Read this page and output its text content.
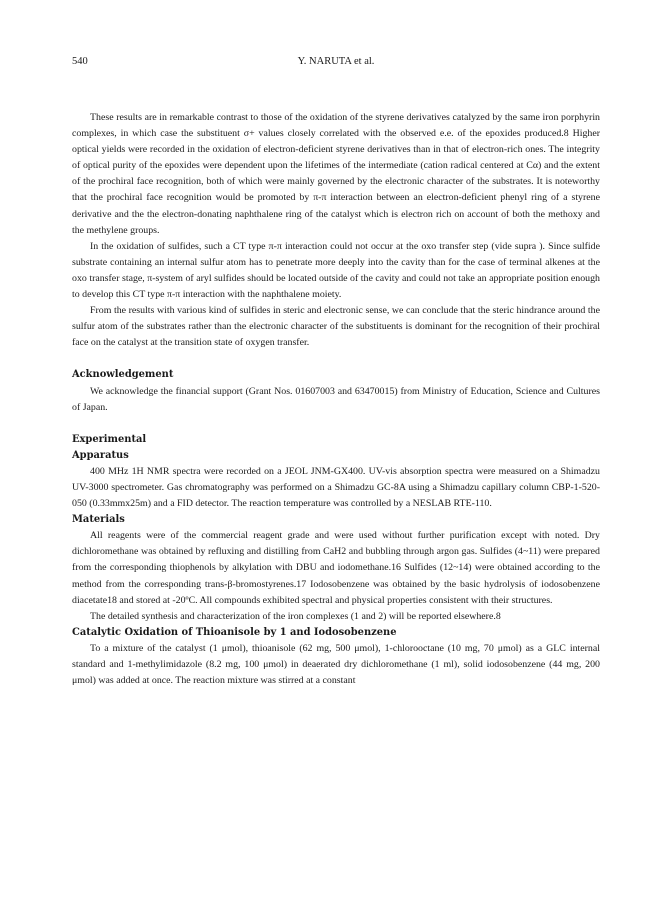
540	Y. NARUTA et al.

These results are in remarkable contrast to those of the oxidation of the styrene derivatives catalyzed by the same iron porphyrin complexes, in which case the substituent σ+ values closely correlated with the observed e.e. of the epoxides produced.8 Higher optical yields were recorded in the oxidation of electron-deficient styrene derivatives than in that of electron-rich ones. The integrity of optical purity of the epoxides were dependent upon the lifetimes of the intermediate (cation radical centered at Cα) and the extent of the prochiral face recognition, both of which were mainly governed by the electronic character of the substrates. It is noteworthy that the prochiral face recognition would be promoted by π-π interaction between an electron-deficient phenyl ring of a styrene derivative and the the electron-donating naphthalene ring of the catalyst which is electron rich on account of both the methoxy and the methylene groups.

In the oxidation of sulfides, such a CT type π-π interaction could not occur at the oxo transfer step (vide supra ). Since sulfide substrate containing an internal sulfur atom has to penetrate more deeply into the cavity than for the case of terminal alkenes at the oxo transfer stage, π-system of aryl sulfides should be located outside of the cavity and could not take an appropriate position enough to develop this CT type π-π interaction with the naphthalene moiety.

From the results with various kind of sulfides in steric and electronic sense, we can conclude that the steric hindrance around the sulfur atom of the substrates rather than the electronic character of the substituents is dominant for the recognition of their prochiral face on the catalyst at the transition state of oxygen transfer.

Acknowledgement

We acknowledge the financial support (Grant Nos. 01607003 and 63470015) from Ministry of Education, Science and Cultures of Japan.

Experimental

Apparatus

400 MHz 1H NMR spectra were recorded on a JEOL JNM-GX400. UV-vis absorption spectra were measured on a Shimadzu UV-3000 spectrometer. Gas chromatography was performed on a Shimadzu GC-8A using a Shimadzu capillary column CBP-1-520-050 (0.33mmx25m) and a FID detector. The reaction temperature was controlled by a NESLAB RTE-110.

Materials

All reagents were of the commercial reagent grade and were used without further purification except with noted. Dry dichloromethane was obtained by refluxing and distilling from CaH2 and bubbling through argon gas. Sulfides (4~11) were prepared from the corresponding thiophenols by alkylation with DBU and iodomethane.16 Sulfides (12~14) were obtained according to the method from the corresponding trans-β-bromostyrenes.17 Iodosobenzene was obtained by the basic hydrolysis of iodosobenzene diacetate18 and stored at -20ºC. All compounds exhibited spectral and physical properties consistent with their structures.

The detailed synthesis and characterization of the iron complexes (1 and 2) will be reported elsewhere.8

Catalytic Oxidation of Thioanisole by 1 and Iodosobenzene

To a mixture of the catalyst (1 μmol), thioanisole (62 mg, 500 μmol), 1-chlorooctane (10 mg, 70 μmol) as a GLC internal standard and 1-methylimidazole (8.2 mg, 100 μmol) in deaerated dry dichloromethane (1 ml), solid iodosobenzene (44 mg, 200 μmol) was added at once. The reaction mixture was stirred at a constant
